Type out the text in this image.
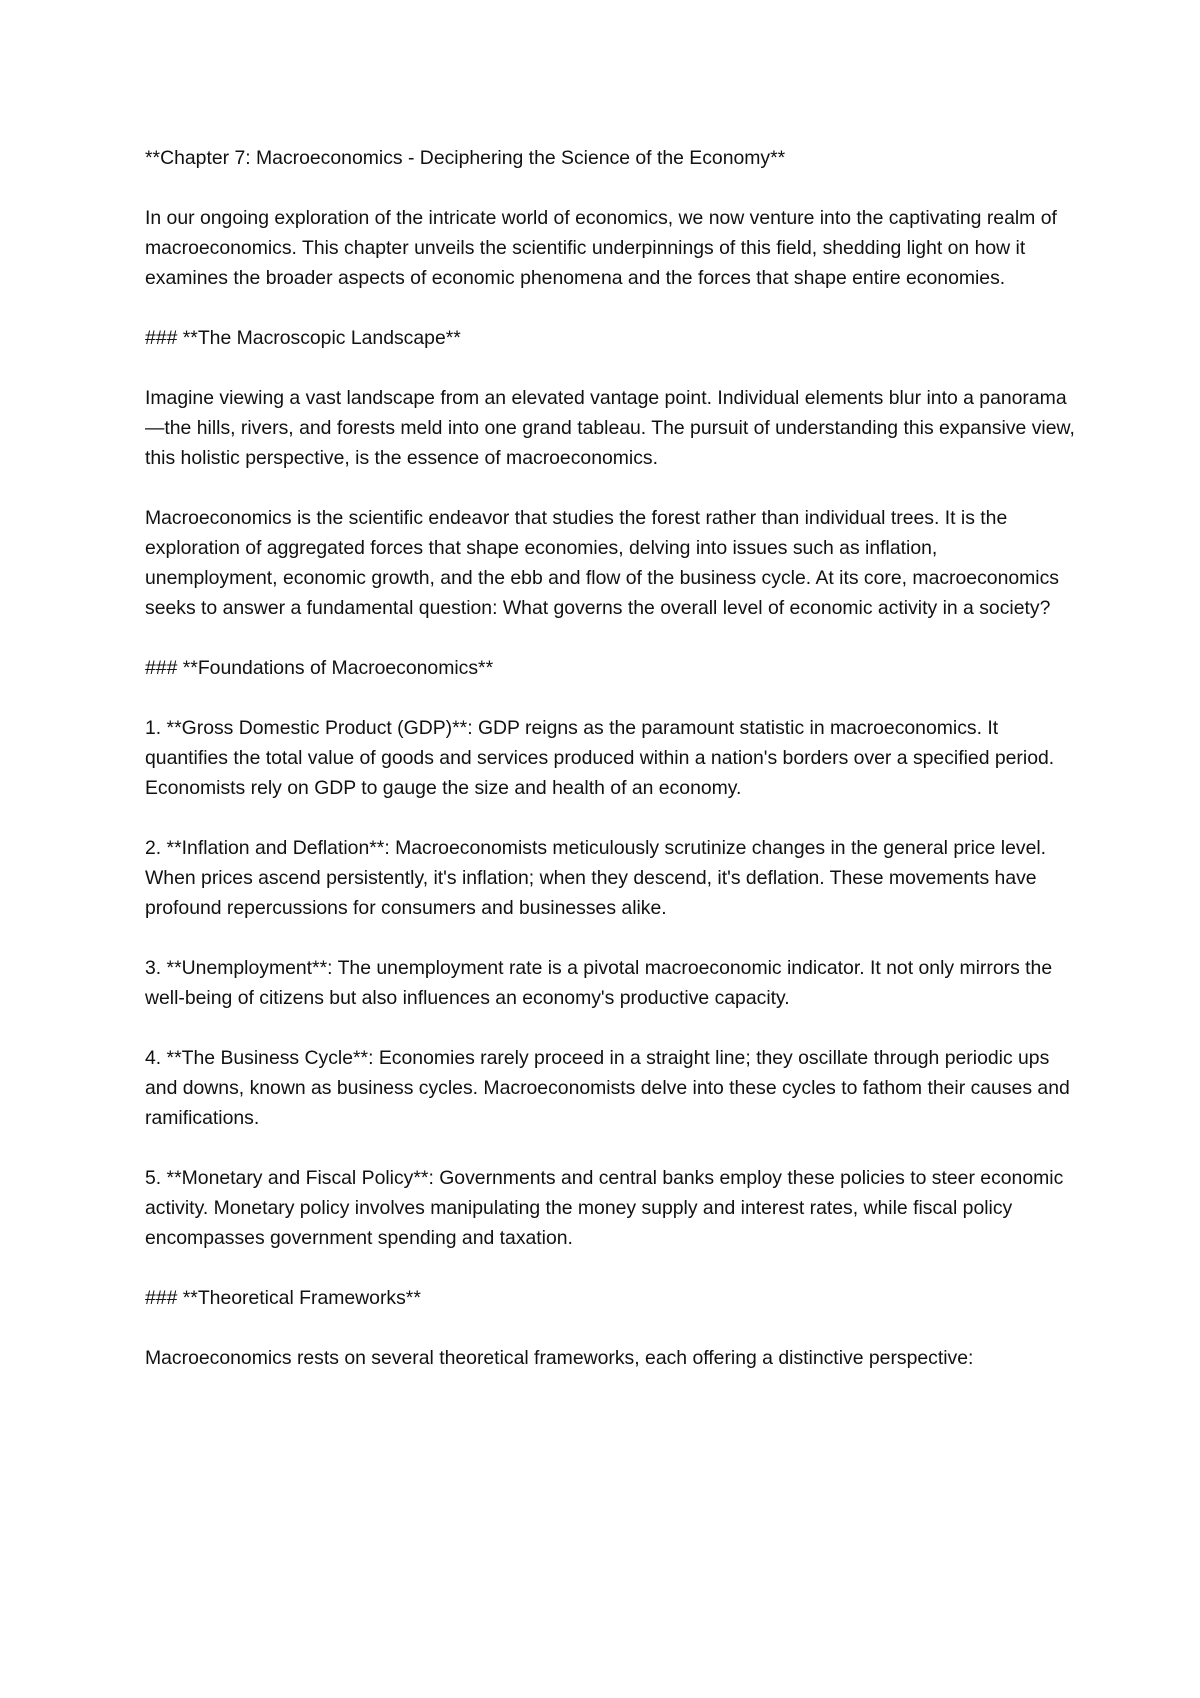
**Chapter 7: Macroeconomics - Deciphering the Science of the Economy**

In our ongoing exploration of the intricate world of economics, we now venture into the captivating realm of macroeconomics. This chapter unveils the scientific underpinnings of this field, shedding light on how it examines the broader aspects of economic phenomena and the forces that shape entire economies.

### **The Macroscopic Landscape**

Imagine viewing a vast landscape from an elevated vantage point. Individual elements blur into a panorama—the hills, rivers, and forests meld into one grand tableau. The pursuit of understanding this expansive view, this holistic perspective, is the essence of macroeconomics.

Macroeconomics is the scientific endeavor that studies the forest rather than individual trees. It is the exploration of aggregated forces that shape economies, delving into issues such as inflation, unemployment, economic growth, and the ebb and flow of the business cycle. At its core, macroeconomics seeks to answer a fundamental question: What governs the overall level of economic activity in a society?

### **Foundations of Macroeconomics**

1. **Gross Domestic Product (GDP)**: GDP reigns as the paramount statistic in macroeconomics. It quantifies the total value of goods and services produced within a nation's borders over a specified period. Economists rely on GDP to gauge the size and health of an economy.

2. **Inflation and Deflation**: Macroeconomists meticulously scrutinize changes in the general price level. When prices ascend persistently, it's inflation; when they descend, it's deflation. These movements have profound repercussions for consumers and businesses alike.

3. **Unemployment**: The unemployment rate is a pivotal macroeconomic indicator. It not only mirrors the well-being of citizens but also influences an economy's productive capacity.

4. **The Business Cycle**: Economies rarely proceed in a straight line; they oscillate through periodic ups and downs, known as business cycles. Macroeconomists delve into these cycles to fathom their causes and ramifications.

5. **Monetary and Fiscal Policy**: Governments and central banks employ these policies to steer economic activity. Monetary policy involves manipulating the money supply and interest rates, while fiscal policy encompasses government spending and taxation.

### **Theoretical Frameworks**

Macroeconomics rests on several theoretical frameworks, each offering a distinctive perspective:
